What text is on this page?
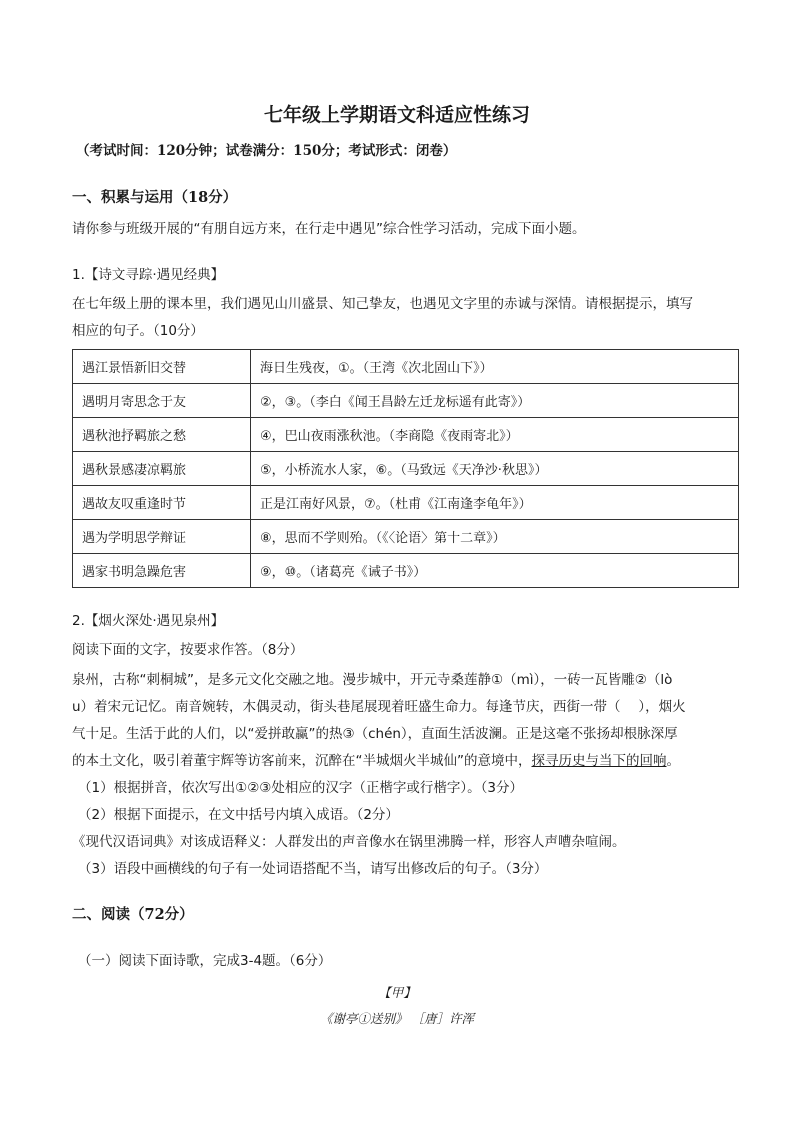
七年级上学期语文科适应性练习
（考试时间：120分钟；试卷满分：150分；考试形式：闭卷）
一、积累与运用（18分）
请你参与班级开展的“有朋自远方来，在行走中遇见”综合性学习活动，完成下面小题。
1.【诗文寻踪·遇见经典】
在七年级上册的课本里，我们遇见山川盛景、知己挚友，也遇见文字里的赤诚与深情。请根据提示，填写
相应的句子。（10分）
遇江景悟新旧交替	海日生残夜，①。（王湾《次北固山下》）
遇明月寄思念于友	②，③。（李白《闻王昌龄左迁龙标遥有此寄》）
遇秋池抒羁旅之愁	④，巴山夜雨涨秋池。（李商隐《夜雨寄北》）
遇秋景感凄凉羁旅	⑤，小桥流水人家，⑥。（马致远《天净沙·秋思》）
遇故友叹重逢时节	正是江南好风景，⑦。（杜甫《江南逢李龟年》）
遇为学明思学辩证	⑧，思而不学则殆。（《〈论语〉第十二章》）
遇家书明急躁危害	⑨，⑩。（诸葛亮《诫子书》）
2.【烟火深处·遇见泉州】
阅读下面的文字，按要求作答。（8分）
泉州，古称“刺桐城”，是多元文化交融之地。漫步城中，开元寺桑莲静①（mì），一砖一瓦皆雕②（lò
u）着宋元记忆。南音婉转，木偶灵动，街头巷尾展现着旺盛生命力。每逢节庆，西街一带（　 ），烟火
气十足。生活于此的人们，以“爱拼敢赢”的热③（chén），直面生活波澜。正是这毫不张扬却根脉深厚
的本土文化，吸引着董宇辉等访客前来，沉醉在“半城烟火半城仙”的意境中，探寻历史与当下的回响。
（1）根据拼音，依次写出①②③处相应的汉字（正楷字或行楷字）。（3分）
（2）根据下面提示，在文中括号内填入成语。（2分）
《现代汉语词典》对该成语释义：人群发出的声音像水在锅里沸腾一样，形容人声嘈杂喧闹。
（3）语段中画横线的句子有一处词语搭配不当，请写出修改后的句子。（3分）
二、阅读（72分）
（一）阅读下面诗歌，完成3-4题。（6分）
【甲】
《谢亭①送别》 ［唐］许浑
